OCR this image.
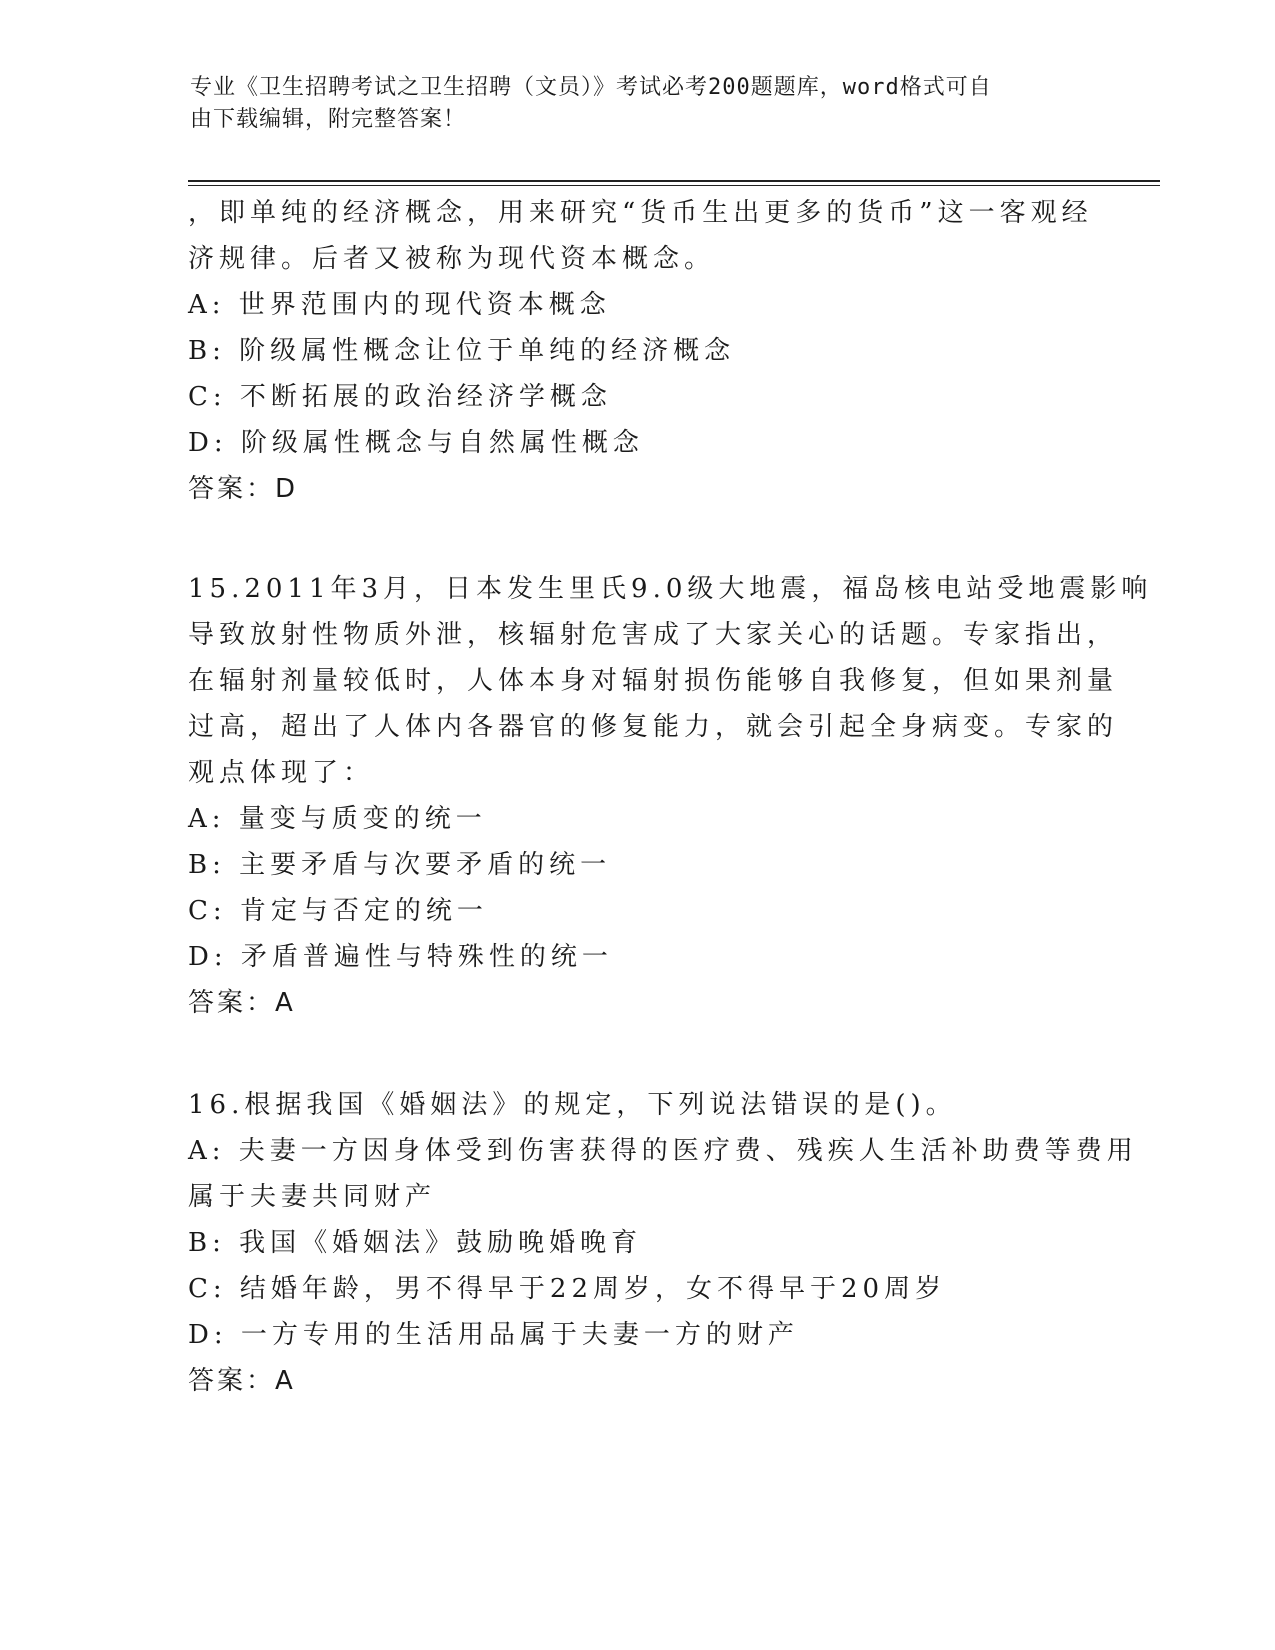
专业《卫生招聘考试之卫生招聘（文员）》考试必考200题题库，word格式可自
由下载编辑，附完整答案！
，即单纯的经济概念，用来研究“货币生出更多的货币”这一客观经
济规律。后者又被称为现代资本概念。
A: 世界范围内的现代资本概念
B: 阶级属性概念让位于单纯的经济概念
C: 不断拓展的政治经济学概念
D: 阶级属性概念与自然属性概念
答案：D
15.2011年3月，日本发生里氏9.0级大地震，福岛核电站受地震影响
导致放射性物质外泄，核辐射危害成了大家关心的话题。专家指出，
在辐射剂量较低时，人体本身对辐射损伤能够自我修复，但如果剂量
过高，超出了人体内各器官的修复能力，就会引起全身病变。专家的
观点体现了：
A: 量变与质变的统一
B: 主要矛盾与次要矛盾的统一
C: 肯定与否定的统一
D: 矛盾普遍性与特殊性的统一
答案：A
16.根据我国《婚姻法》的规定，下列说法错误的是()。
A: 夫妻一方因身体受到伤害获得的医疗费、残疾人生活补助费等费用
属于夫妻共同财产
B: 我国《婚姻法》鼓励晚婚晚育
C: 结婚年龄，男不得早于22周岁，女不得早于20周岁
D: 一方专用的生活用品属于夫妻一方的财产
答案：A
